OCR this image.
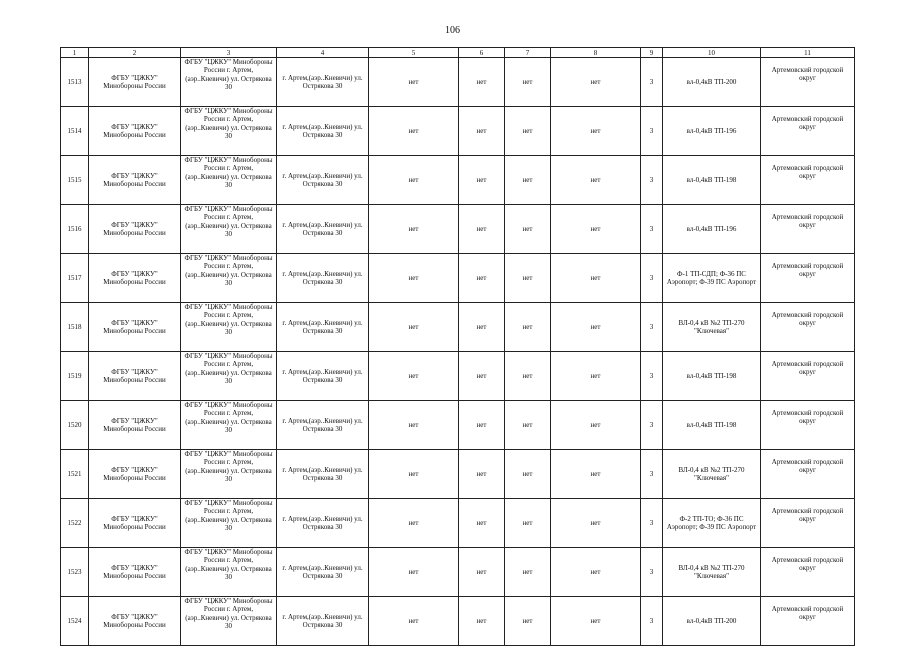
106
1	2	3	4	5	6	7	8	9	10	11
1513	ФГБУ "ЦЖКУ" Минобороны России	ФГБУ "ЦЖКУ" Минобороны России г. Артем,(аэр..Кневичи) ул. Острякова 30	г. Артем,(аэр..Кневичи) ул. Острякова 30	нет	нет	нет	нет	3	вл-0,4кВ ТП-200	Артемовский городской округ
1514	ФГБУ "ЦЖКУ" Минобороны России	ФГБУ "ЦЖКУ" Минобороны России г. Артем,(аэр..Кневичи) ул. Острякова 30	г. Артем,(аэр..Кневичи) ул. Острякова 30	нет	нет	нет	нет	3	вл-0,4кВ ТП-196	Артемовский городской округ
1515	ФГБУ "ЦЖКУ" Минобороны России	ФГБУ "ЦЖКУ" Минобороны России г. Артем,(аэр..Кневичи) ул. Острякова 30	г. Артем,(аэр..Кневичи) ул. Острякова 30	нет	нет	нет	нет	3	вл-0,4кВ ТП-198	Артемовский городской округ
1516	ФГБУ "ЦЖКУ" Минобороны России	ФГБУ "ЦЖКУ" Минобороны России г. Артем,(аэр..Кневичи) ул. Острякова 30	г. Артем,(аэр..Кневичи) ул. Острякова 30	нет	нет	нет	нет	3	вл-0,4кВ ТП-196	Артемовский городской округ
1517	ФГБУ "ЦЖКУ" Минобороны России	ФГБУ "ЦЖКУ" Минобороны России г. Артем,(аэр..Кневичи) ул. Острякова 30	г. Артем,(аэр..Кневичи) ул. Острякова 30	нет	нет	нет	нет	3	Ф-1 ТП-СДП; Ф-36 ПС Аэропорт; Ф-39 ПС Аэропорт	Артемовский городской округ
1518	ФГБУ "ЦЖКУ" Минобороны России	ФГБУ "ЦЖКУ" Минобороны России г. Артем,(аэр..Кневичи) ул. Острякова 30	г. Артем,(аэр..Кневичи) ул. Острякова 30	нет	нет	нет	нет	3	ВЛ-0,4 кВ №2 ТП-270 "Ключевая"	Артемовский городской округ
1519	ФГБУ "ЦЖКУ" Минобороны России	ФГБУ "ЦЖКУ" Минобороны России г. Артем,(аэр..Кневичи) ул. Острякова 30	г. Артем,(аэр..Кневичи) ул. Острякова 30	нет	нет	нет	нет	3	вл-0,4кВ ТП-198	Артемовский городской округ
1520	ФГБУ "ЦЖКУ" Минобороны России	ФГБУ "ЦЖКУ" Минобороны России г. Артем,(аэр..Кневичи) ул. Острякова 30	г. Артем,(аэр..Кневичи) ул. Острякова 30	нет	нет	нет	нет	3	вл-0,4кВ ТП-198	Артемовский городской округ
1521	ФГБУ "ЦЖКУ" Минобороны России	ФГБУ "ЦЖКУ" Минобороны России г. Артем,(аэр..Кневичи) ул. Острякова 30	г. Артем,(аэр..Кневичи) ул. Острякова 30	нет	нет	нет	нет	3	ВЛ-0,4 кВ №2 ТП-270 "Ключевая"	Артемовский городской округ
1522	ФГБУ "ЦЖКУ" Минобороны России	ФГБУ "ЦЖКУ" Минобороны России г. Артем,(аэр..Кневичи) ул. Острякова 30	г. Артем,(аэр..Кневичи) ул. Острякова 30	нет	нет	нет	нет	3	Ф-2 ТП-ТО; Ф-36 ПС Аэропорт; Ф-39 ПС Аэропорт	Артемовский городской округ
1523	ФГБУ "ЦЖКУ" Минобороны России	ФГБУ "ЦЖКУ" Минобороны России г. Артем,(аэр..Кневичи) ул. Острякова 30	г. Артем,(аэр..Кневичи) ул. Острякова 30	нет	нет	нет	нет	3	ВЛ-0,4 кВ №2 ТП-270 "Ключевая"	Артемовский городской округ
1524	ФГБУ "ЦЖКУ" Минобороны России	ФГБУ "ЦЖКУ" Минобороны России г. Артем,(аэр..Кневичи) ул. Острякова 30	г. Артем,(аэр..Кневичи) ул. Острякова 30	нет	нет	нет	нет	3	вл-0,4кВ ТП-200	Артемовский городской округ
